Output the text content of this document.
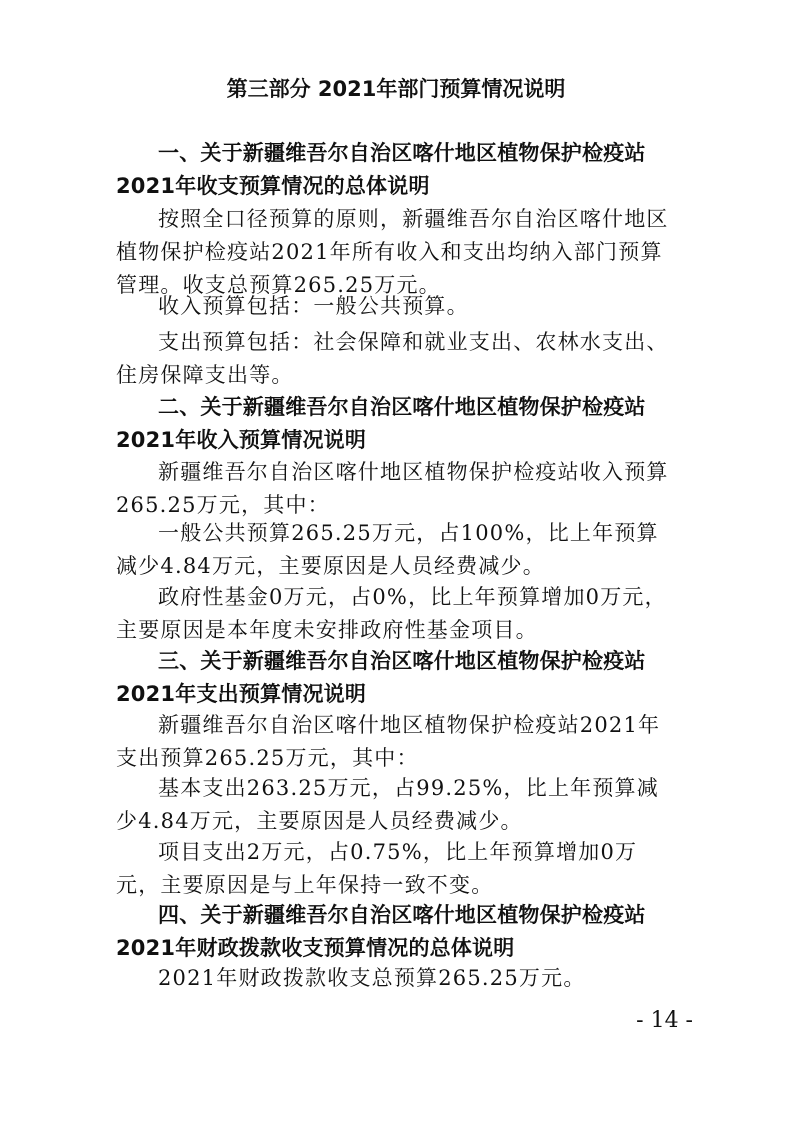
第三部分 2021年部门预算情况说明

一、关于新疆维吾尔自治区喀什地区植物保护检疫站2021年收支预算情况的总体说明

按照全口径预算的原则，新疆维吾尔自治区喀什地区植物保护检疫站2021年所有收入和支出均纳入部门预算管理。收支总预算265.25万元。

收入预算包括：一般公共预算。

支出预算包括：社会保障和就业支出、农林水支出、住房保障支出等。

二、关于新疆维吾尔自治区喀什地区植物保护检疫站2021年收入预算情况说明

新疆维吾尔自治区喀什地区植物保护检疫站收入预算265.25万元，其中：

一般公共预算265.25万元，占100%，比上年预算减少4.84万元，主要原因是人员经费减少。

政府性基金0万元，占0%，比上年预算增加0万元，主要原因是本年度未安排政府性基金项目。

三、关于新疆维吾尔自治区喀什地区植物保护检疫站2021年支出预算情况说明

新疆维吾尔自治区喀什地区植物保护检疫站2021年支出预算265.25万元，其中：

基本支出263.25万元，占99.25%，比上年预算减少4.84万元，主要原因是人员经费减少。

项目支出2万元，占0.75%，比上年预算增加0万元，主要原因是与上年保持一致不变。

四、关于新疆维吾尔自治区喀什地区植物保护检疫站2021年财政拨款收支预算情况的总体说明

2021年财政拨款收支总预算265.25万元。

- 14 -
